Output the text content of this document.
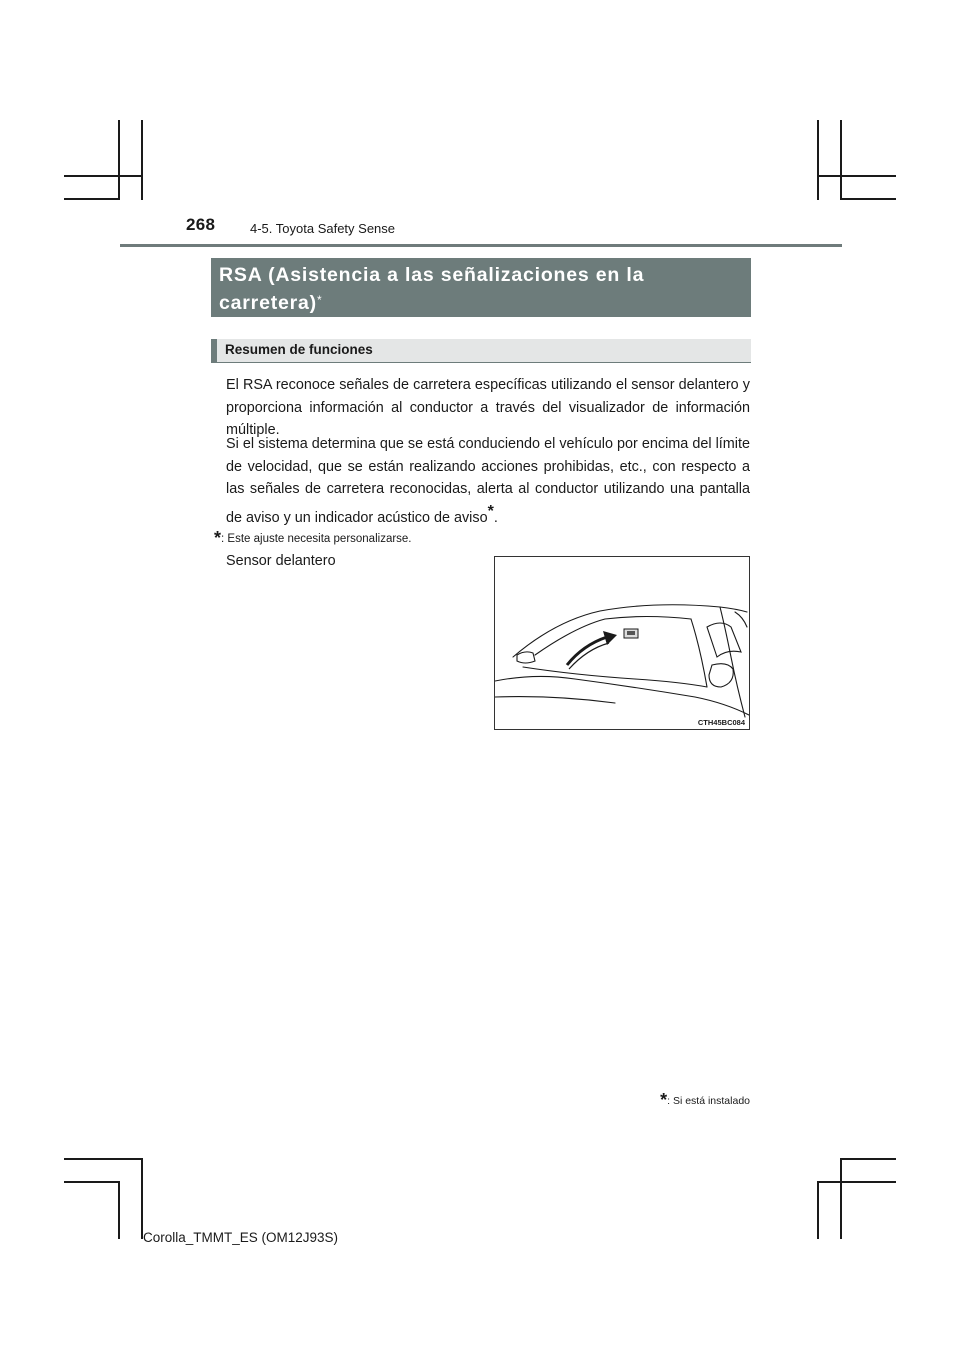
268	4-5. Toyota Safety Sense
RSA (Asistencia a las señalizaciones en la carretera)*
Resumen de funciones
El RSA reconoce señales de carretera específicas utilizando el sensor delantero y proporciona información al conductor a través del visualizador de información múltiple.
Si el sistema determina que se está conduciendo el vehículo por encima del límite de velocidad, que se están realizando acciones prohibidas, etc., con respecto a las señales de carretera reconocidas, alerta al conductor utilizando una pantalla de aviso y un indicador acústico de aviso*.
*: Este ajuste necesita personalizarse.
Sensor delantero
CTH45BC084
*: Si está instalado
Corolla_TMMT_ES (OM12J93S)
